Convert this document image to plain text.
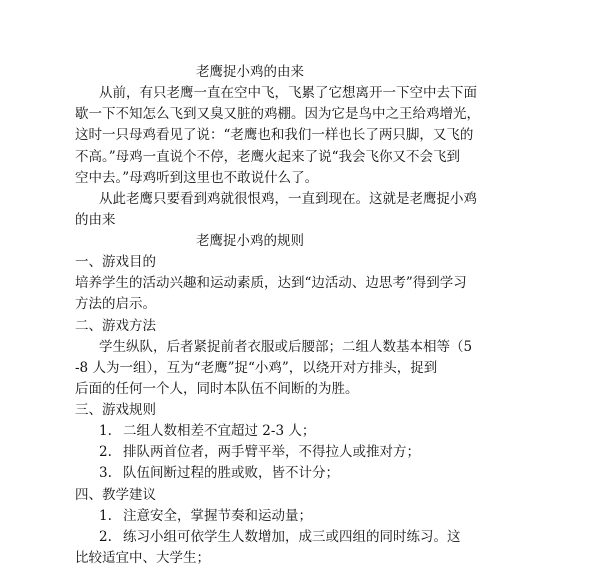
老鹰捉小鸡的由来
从前，有只老鹰一直在空中飞，飞累了它想离开一下空中去下面
歇一下不知怎么飞到又臭又脏的鸡棚。因为它是鸟中之王给鸡增光，
这时一只母鸡看见了说：“老鹰也和我们一样也长了两只脚，又飞的
不高。”母鸡一直说个不停，老鹰火起来了说“我会飞你又不会飞到
空中去。”母鸡听到这里也不敢说什么了。
从此老鹰只要看到鸡就很恨鸡，一直到现在。这就是老鹰捉小鸡
的由来
老鹰捉小鸡的规则
一、游戏目的
培养学生的活动兴趣和运动素质，达到“边活动、边思考”得到学习
方法的启示。
二、游戏方法
学生纵队，后者紧捉前者衣服或后腰部；二组人数基本相等（5
-8 人为一组），互为“老鹰”捉“小鸡”，以绕开对方排头，捉到
后面的任何一个人，同时本队伍不间断的为胜。
三、游戏规则
1. 二组人数相差不宜超过 2-3 人；
2. 排队两首位者，两手臂平举，不得拉人或推对方；
3. 队伍间断过程的胜或败，皆不计分；
四、教学建议
1. 注意安全，掌握节奏和运动量；
2. 练习小组可依学生人数增加，成三或四组的同时练习。这
比较适宜中、大学生；
